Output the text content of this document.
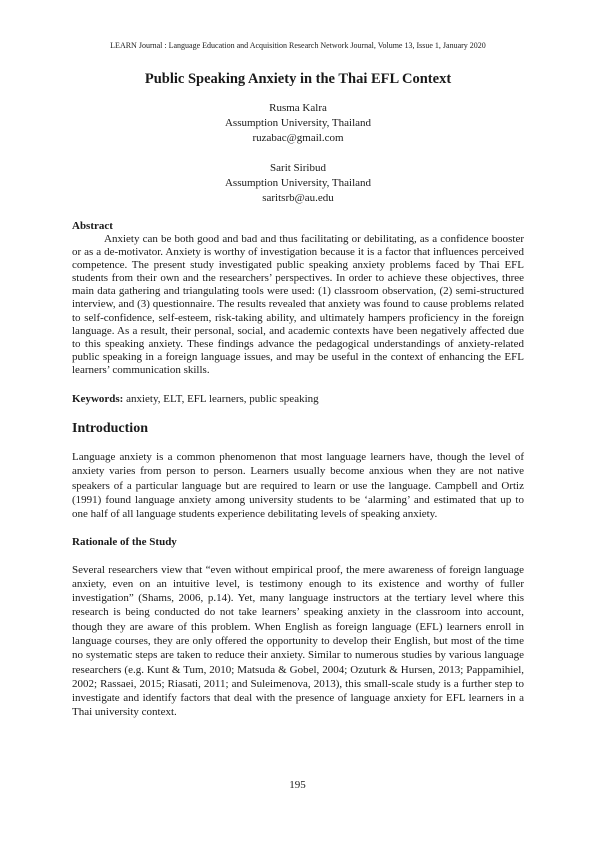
LEARN Journal : Language Education and Acquisition Research Network Journal, Volume 13, Issue 1, January 2020
Public Speaking Anxiety in the Thai EFL Context
Rusma Kalra
Assumption University, Thailand
ruzabac@gmail.com
Sarit Siribud
Assumption University, Thailand
saritsrb@au.edu
Abstract
Anxiety can be both good and bad and thus facilitating or debilitating, as a confidence booster or as a de-motivator. Anxiety is worthy of investigation because it is a factor that influences perceived competence. The present study investigated public speaking anxiety problems faced by Thai EFL students from their own and the researchers’ perspectives. In order to achieve these objectives, three main data gathering and triangulating tools were used: (1) classroom observation, (2) semi-structured interview, and (3) questionnaire. The results revealed that anxiety was found to cause problems related to self-confidence, self-esteem, risk-taking ability, and ultimately hampers proficiency in the foreign language. As a result, their personal, social, and academic contexts have been negatively affected due to this speaking anxiety. These findings advance the pedagogical understandings of anxiety-related public speaking in a foreign language issues, and may be useful in the context of enhancing the EFL learners’ communication skills.
Keywords: anxiety, ELT, EFL learners, public speaking
Introduction
Language anxiety is a common phenomenon that most language learners have, though the level of anxiety varies from person to person. Learners usually become anxious when they are not native speakers of a particular language but are required to learn or use the language. Campbell and Ortiz (1991) found language anxiety among university students to be ‘alarming’ and estimated that up to one half of all language students experience debilitating levels of speaking anxiety.
Rationale of the Study
Several researchers view that “even without empirical proof, the mere awareness of foreign language anxiety, even on an intuitive level, is testimony enough to its existence and worthy of fuller investigation” (Shams, 2006, p.14). Yet, many language instructors at the tertiary level where this research is being conducted do not take learners’ speaking anxiety in the classroom into account, though they are aware of this problem. When English as foreign language (EFL) learners enroll in language courses, they are only offered the opportunity to develop their English, but most of the time no systematic steps are taken to reduce their anxiety. Similar to numerous studies by various language researchers (e.g. Kunt & Tum, 2010; Matsuda & Gobel, 2004; Ozuturk & Hursen, 2013; Pappamihiel, 2002; Rassaei, 2015; Riasati, 2011; and Suleimenova, 2013), this small-scale study is a further step to investigate and identify factors that deal with the presence of language anxiety for EFL learners in a Thai university context.
195
